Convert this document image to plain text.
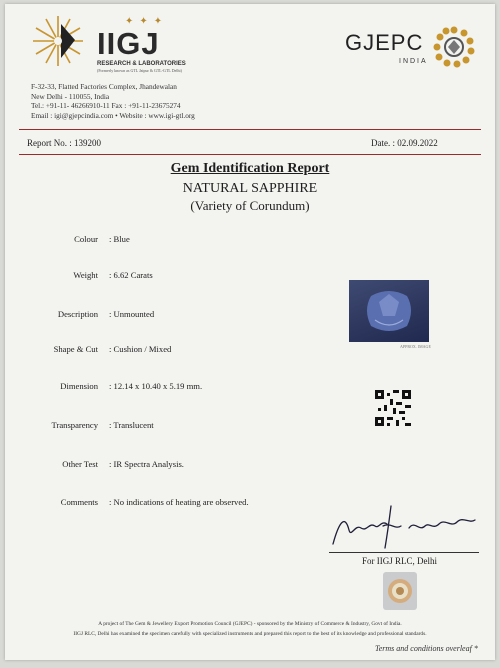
✦✦✦
IIGJ
RESEARCH & LABORATORIES
(Formerly known as GTL Jaipur & GTL-GTL Delhi)
GJEPC
INDIA
F-32-33, Flatted Factories Complex, Jhandewalan
New Delhi - 110055, India
Tel.: +91-11- 46266910-11 Fax : +91-11-23675274
Email : igi@gjepcindia.com • Website : www.igi-gtl.org
Report No. : 139200	Date. : 02.09.2022
Gem Identification Report
NATURAL SAPPHIRE
(Variety of Corundum)
Colour : Blue
Weight : 6.62 Carats
Description : Unmounted
Shape & Cut : Cushion / Mixed
Dimension : 12.14 x 10.40 x 5.19 mm.
Transparency : Translucent
Other Test : IR Spectra Analysis.
Comments : No indications of heating are observed.
APPROX. IMAGE
For IIGJ RLC, Delhi
A project of The Gem & Jewellery Export Promotion Council (GJEPC) - sponsored by the Ministry of Commerce & Industry, Govt of India.
IIGJ RLC, Delhi has examined the specimen carefully with specialized instruments and prepared this report to the best of its knowledge and professional standards.
Terms and conditions overleaf *
